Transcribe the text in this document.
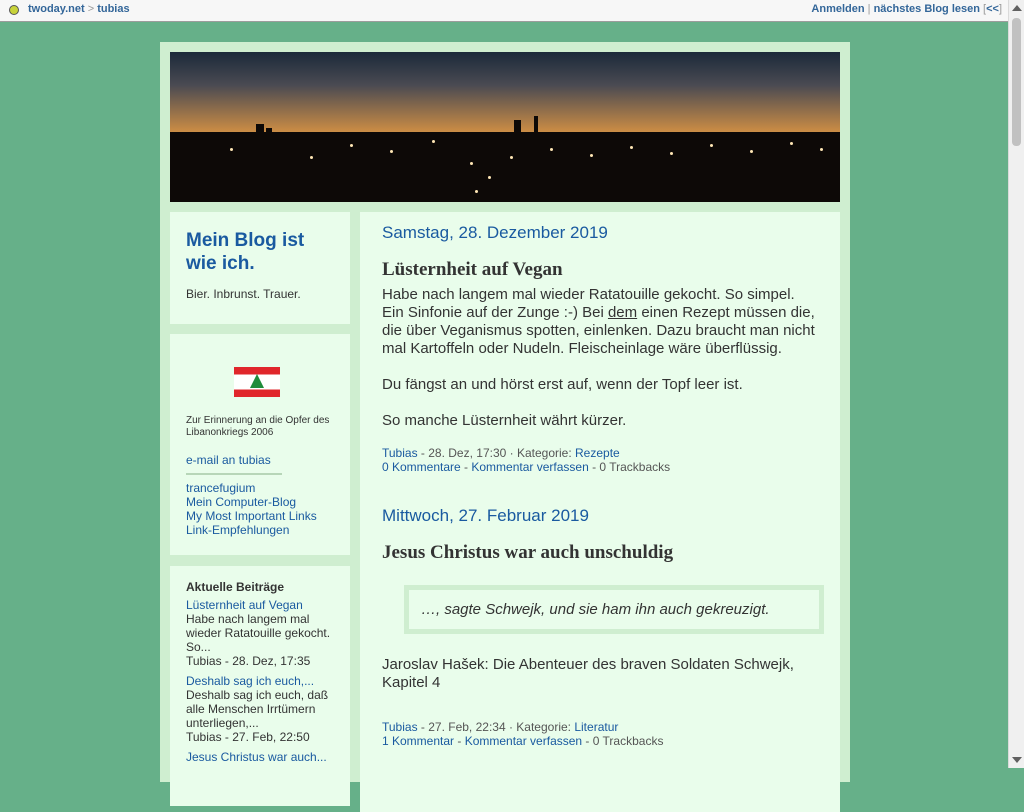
twoday.net > tubias	Anmelden | nächstes Blog lesen [<<]
Mein Blog ist wie ich.
Bier. Inbrunst. Trauer.
Zur Erinnerung an die Opfer des Libanonkriegs 2006
e-mail an tubias
trancefugium
Mein Computer-Blog
My Most Important Links
Link-Empfehlungen
Aktuelle Beiträge
Lüsternheit auf Vegan
Habe nach langem mal wieder Ratatouille gekocht. So...
Tubias - 28. Dez, 17:35
Deshalb sag ich euch,...
Deshalb sag ich euch, daß alle Menschen Irrtümern unterliegen,...
Tubias - 27. Feb, 22:50
Jesus Christus war auch...
Samstag, 28. Dezember 2019
Lüsternheit auf Vegan

Habe nach langem mal wieder Ratatouille gekocht. So simpel. Ein Sinfonie auf der Zunge :-) Bei dem einen Rezept müssen die, die über Veganismus spotten, einlenken. Dazu braucht man nicht mal Kartoffeln oder Nudeln. Fleischeinlage wäre überflüssig.

Du fängst an und hörst erst auf, wenn der Topf leer ist.

So manche Lüsternheit währt kürzer.

Tubias - 28. Dez, 17:30 · Kategorie: Rezepte
0 Kommentare - Kommentar verfassen - 0 Trackbacks
Mittwoch, 27. Februar 2019
Jesus Christus war auch unschuldig
…, sagte Schwejk, und sie ham ihn auch gekreuzigt.
Jaroslav Hašek: Die Abenteuer des braven Soldaten Schwejk, Kapitel 4
Tubias - 27. Feb, 22:34 · Kategorie: Literatur
1 Kommentar - Kommentar verfassen - 0 Trackbacks
